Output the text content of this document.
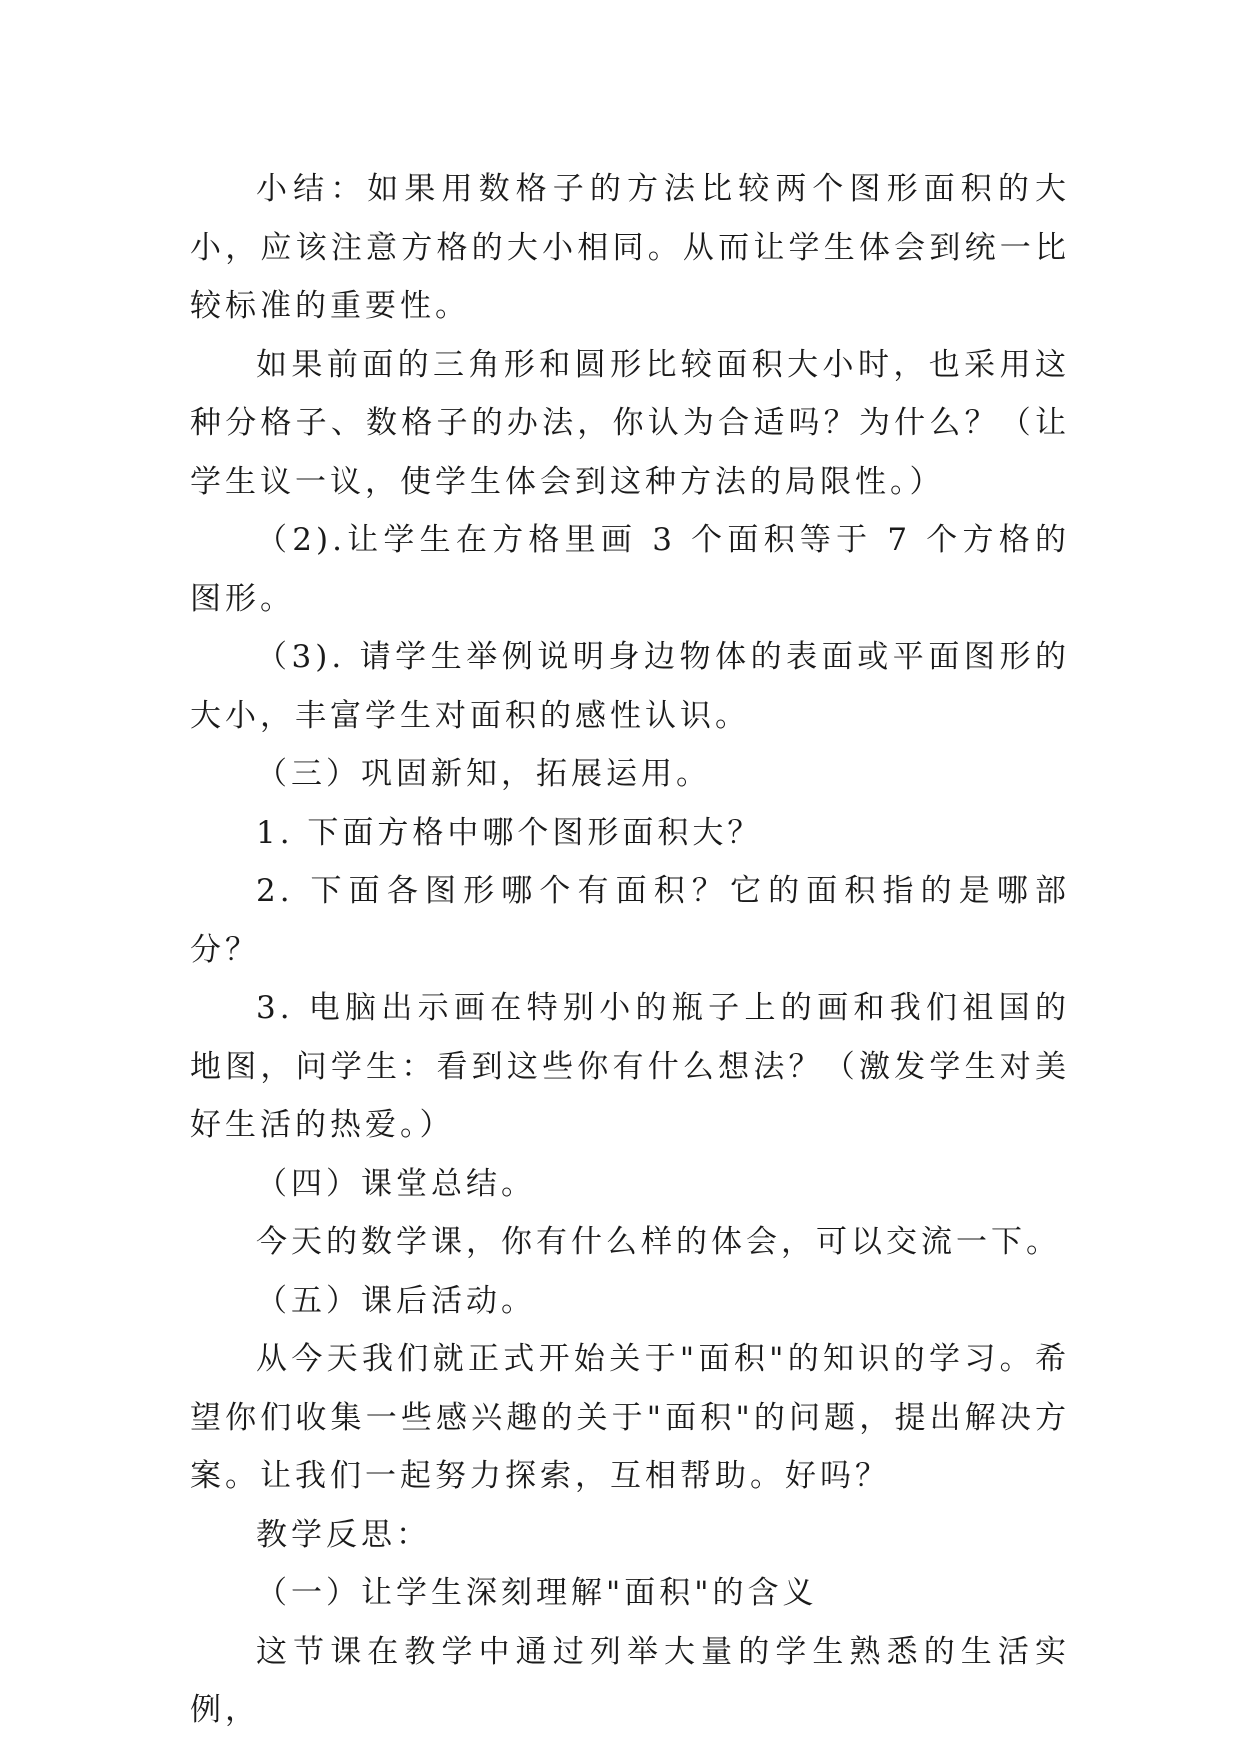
小结：如果用数格子的方法比较两个图形面积的大小，应该注意方格的大小相同。从而让学生体会到统一比较标准的重要性。

如果前面的三角形和圆形比较面积大小时，也采用这种分格子、数格子的办法，你认为合适吗？为什么？（让学生议一议，使学生体会到这种方法的局限性。）

（2).让学生在方格里画 3 个面积等于 7 个方格的图形。

（3). 请学生举例说明身边物体的表面或平面图形的大小，丰富学生对面积的感性认识。

（三）巩固新知，拓展运用。

1. 下面方格中哪个图形面积大？

2. 下面各图形哪个有面积？它的面积指的是哪部分？

3. 电脑出示画在特别小的瓶子上的画和我们祖国的地图，问学生：看到这些你有什么想法？（激发学生对美好生活的热爱。）

（四）课堂总结。

今天的数学课，你有什么样的体会，可以交流一下。

（五）课后活动。

从今天我们就正式开始关于"面积"的知识的学习。希望你们收集一些感兴趣的关于"面积"的问题，提出解决方案。让我们一起努力探索，互相帮助。好吗？

教学反思：

（一）让学生深刻理解"面积"的含义

这节课在教学中通过列举大量的学生熟悉的生活实例，
